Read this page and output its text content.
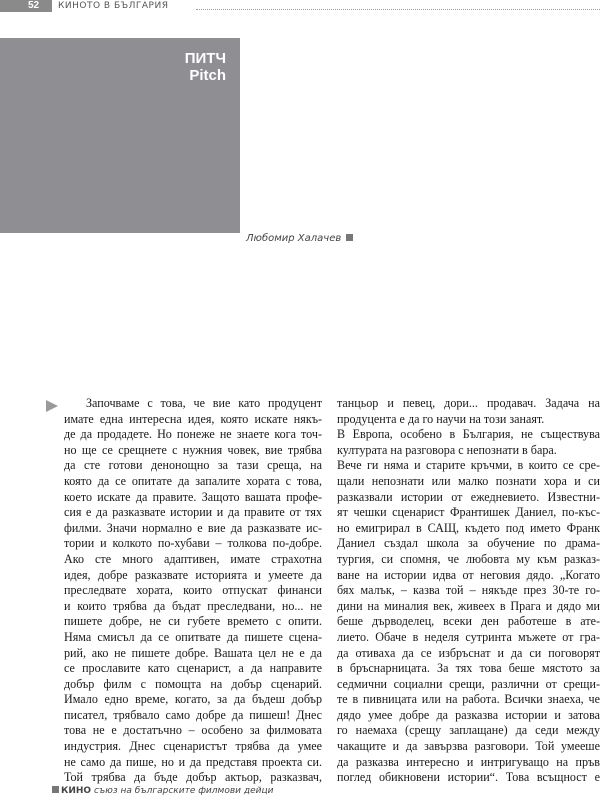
52	КИНОТО В БЪЛГАРИЯ
ПИТЧ
Pitch
Любомир Халачев
Започваме с това, че вие като продуцент
имате една интересна идея, която искате някъ-
де да продадете. Но понеже не знаете кога точ-
но ще се срещнете с нужния човек, вие трябва
да сте готови денонощно за тази среща, на
която да се опитате да запалите хората с това,
което искате да правите. Защото вашата профе-
сия е да разказвате истории и да правите от тях
филми. Значи нормално е вие да разказвате ис-
тории и колкото по-хубави – толкова по-добре.
Ако сте много адаптивен, имате страхотна
идея, добре разказвате историята и умеете да
преследвате хората, които отпускат финанси
и които трябва да бъдат преследвани, но... не
пишете добре, не си губете времето с опити.
Няма смисъл да се опитвате да пишете сцена-
рий, ако не пишете добре. Вашата цел не е да
се прославите като сценарист, а да направите
добър филм с помощта на добър сценарий.
Имало едно време, когато, за да бъдеш добър
писател, трябвало само добре да пишеш! Днес
това не е достатъчно – особено за филмовата
индустрия. Днес сценаристът трябва да умее
не само да пише, но и да представя проекта си.
Той трябва да бъде добър актьор, разказвач,
танцьор и певец, дори... продавач. Задача на
продуцента е да го научи на този занаят.
В Европа, особено в България, не съществува
културата на разговора с непознати в бара.
Вече ги няма и старите кръчми, в които се сре-
щали непознати или малко познати хора и си
разказвали истории от ежедневието. Известни-
ят чешки сценарист Франтишек Даниел, по-къс-
но емигрирал в САЩ, където под името Франк
Даниел създал школа за обучение по драма-
тургия, си спомня, че любовта му към разказ-
ване на истории идва от неговия дядо. „Когато
бях малък, – казва той – някъде през 30-те го-
дини на миналия век, живеех в Прага и дядо ми
беше дърводелец, всеки ден работеше в ате-
лието. Обаче в неделя сутринта мъжете от гра-
да отиваха да се избръснат и да си поговорят
в бръснарницата. За тях това беше мястото за
седмични социални срещи, различни от срещи-
те в пивницата или на работа. Всички знаеха, че
дядо умее добре да разказва истории и затова
го наемаха (срещу заплащане) да седи между
чакащите и да завързва разговори. Той умееше
да разказва интересно и интригуващо на пръв
поглед обикновени истории“. Това всъщност е
КИНО съюз на българските филмови дейци
